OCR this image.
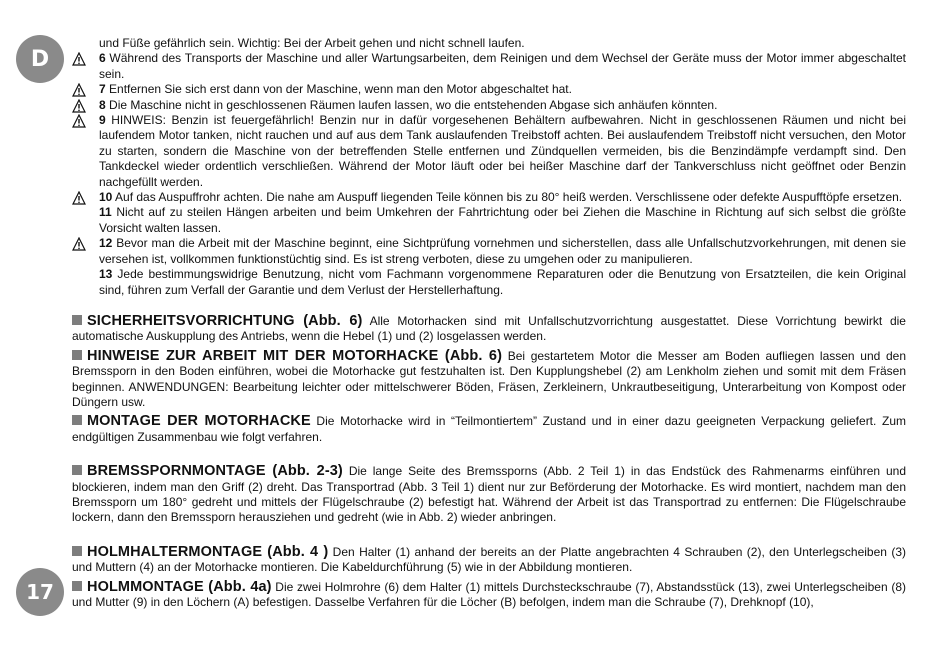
D
17
und Füße gefährlich sein. Wichtig: Bei der Arbeit gehen und nicht schnell laufen.
6 Während des Transports der Maschine und aller Wartungsarbeiten, dem Reinigen und dem Wechsel der Geräte muss der Motor immer abgeschaltet sein.
7 Entfernen Sie sich erst dann von der Maschine, wenn man den Motor abgeschaltet hat.
8 Die Maschine nicht in geschlossenen Räumen laufen lassen, wo die entstehenden Abgase sich anhäufen könnten.
9 HINWEIS: Benzin ist feuergefährlich! Benzin nur in dafür vorgesehenen Behältern aufbewahren. Nicht in geschlossenen Räumen und nicht bei laufendem Motor tanken, nicht rauchen und auf aus dem Tank auslaufenden Treibstoff achten. Bei auslaufendem Treibstoff nicht versuchen, den Motor zu starten, sondern die Maschine von der betreffenden Stelle entfernen und Zündquellen vermeiden, bis die Benzindämpfe verdampft sind. Den Tankdeckel wieder ordentlich verschließen. Während der Motor läuft oder bei heißer Maschine darf der Tankverschluss nicht geöffnet oder Benzin nachgefüllt werden.
10 Auf das Auspuffrohr achten. Die nahe am Auspuff liegenden Teile können bis zu 80° heiß werden. Verschlissene oder defekte Auspufftöpfe ersetzen.
11 Nicht auf zu steilen Hängen arbeiten und beim Umkehren der Fahrtrichtung oder bei Ziehen die Maschine in Richtung auf sich selbst die größte Vorsicht walten lassen.
12 Bevor man die Arbeit mit der Maschine beginnt, eine Sichtprüfung vornehmen und sicherstellen, dass alle Unfallschutzvorkehrungen, mit denen sie versehen ist, vollkommen funktionstüchtig sind. Es ist streng verboten, diese zu umgehen oder zu manipulieren.
13 Jede bestimmungswidrige Benutzung, nicht vom Fachmann vorgenommene Reparaturen oder die Benutzung von Ersatzteilen, die kein Original sind, führen zum Verfall der Garantie und dem Verlust der Herstellerhaftung.
SICHERHEITSVORRICHTUNG (Abb. 6) Alle Motorhacken sind mit Unfallschutzvorrichtung ausgestattet. Diese Vorrichtung bewirkt die automatische Auskupplung des Antriebs, wenn die Hebel (1) und (2) losgelassen werden.
HINWEISE ZUR ARBEIT MIT DER MOTORHACKE (Abb. 6) Bei gestartetem Motor die Messer am Boden aufliegen lassen und den Bremssporn in den Boden einführen, wobei die Motorhacke gut festzuhalten ist. Den Kupplungshebel (2) am Lenkholm ziehen und somit mit dem Fräsen beginnen. ANWENDUNGEN: Bearbeitung leichter oder mittelschwerer Böden, Fräsen, Zerkleinern, Unkrautbeseitigung, Unterarbeitung von Kompost oder Düngern usw.
MONTAGE DER MOTORHACKE Die Motorhacke wird in “Teilmontiertem” Zustand und in einer dazu geeigneten Verpackung geliefert. Zum endgültigen Zusammenbau wie folgt verfahren.
BREMSSPORNMONTAGE (Abb. 2-3) Die lange Seite des Bremssporns (Abb. 2 Teil 1) in das Endstück des Rahmenarms einführen und blockieren, indem man den Griff (2) dreht. Das Transportrad (Abb. 3 Teil 1) dient nur zur Beförderung der Motorhacke. Es wird montiert, nachdem man den Bremssporn um 180° gedreht und mittels der Flügelschraube (2) befestigt hat. Während der Arbeit ist das Transportrad zu entfernen: Die Flügelschraube lockern, dann den Bremssporn herausziehen und gedreht (wie in Abb. 2) wieder anbringen.
HOLMHALTERMONTAGE (Abb. 4 ) Den Halter (1) anhand der bereits an der Platte angebrachten 4 Schrauben (2), den Unterlegscheiben (3) und Muttern (4) an der Motorhacke montieren. Die Kabeldurchführung (5) wie in der Abbildung montieren.
HOLMMONTAGE (Abb. 4a) Die zwei Holmrohre (6) dem Halter (1) mittels Durchsteckschraube (7), Abstandsstück (13), zwei Unterlegscheiben (8) und Mutter (9) in den Löchern (A) befestigen. Dasselbe Verfahren für die Löcher (B) befolgen, indem man die Schraube (7), Drehknopf (10),
